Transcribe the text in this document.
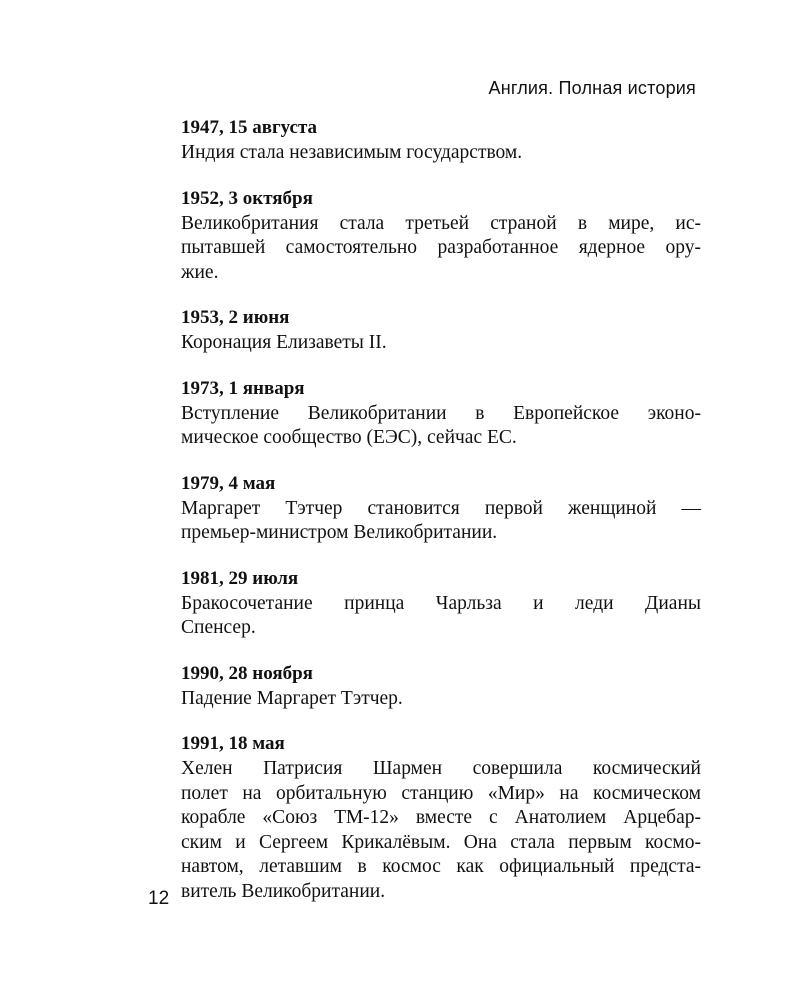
Англия. Полная история
1947, 15 августа
Индия стала независимым государством.
1952, 3 октября
Великобритания стала третьей страной в мире, ис-
пытавшей самостоятельно разработанное ядерное ору-
жие.
1953, 2 июня
Коронация Елизаветы II.
1973, 1 января
Вступление Великобритании в Европейское эконо-
мическое сообщество (ЕЭС), сейчас ЕС.
1979, 4 мая
Маргарет Тэтчер становится первой женщиной —
премьер-министром Великобритании.
1981, 29 июля
Бракосочетание принца Чарльза и леди Дианы
Спенсер.
1990, 28 ноября
Падение Маргарет Тэтчер.
1991, 18 мая
Хелен Патрисия Шармен совершила космический
полет на орбитальную станцию «Мир» на космическом
корабле «Союз ТМ-12» вместе с Анатолием Арцебар-
ским и Сергеем Крикалёвым. Она стала первым космо-
навтом, летавшим в космос как официальный предста-
витель Великобритании.
12
